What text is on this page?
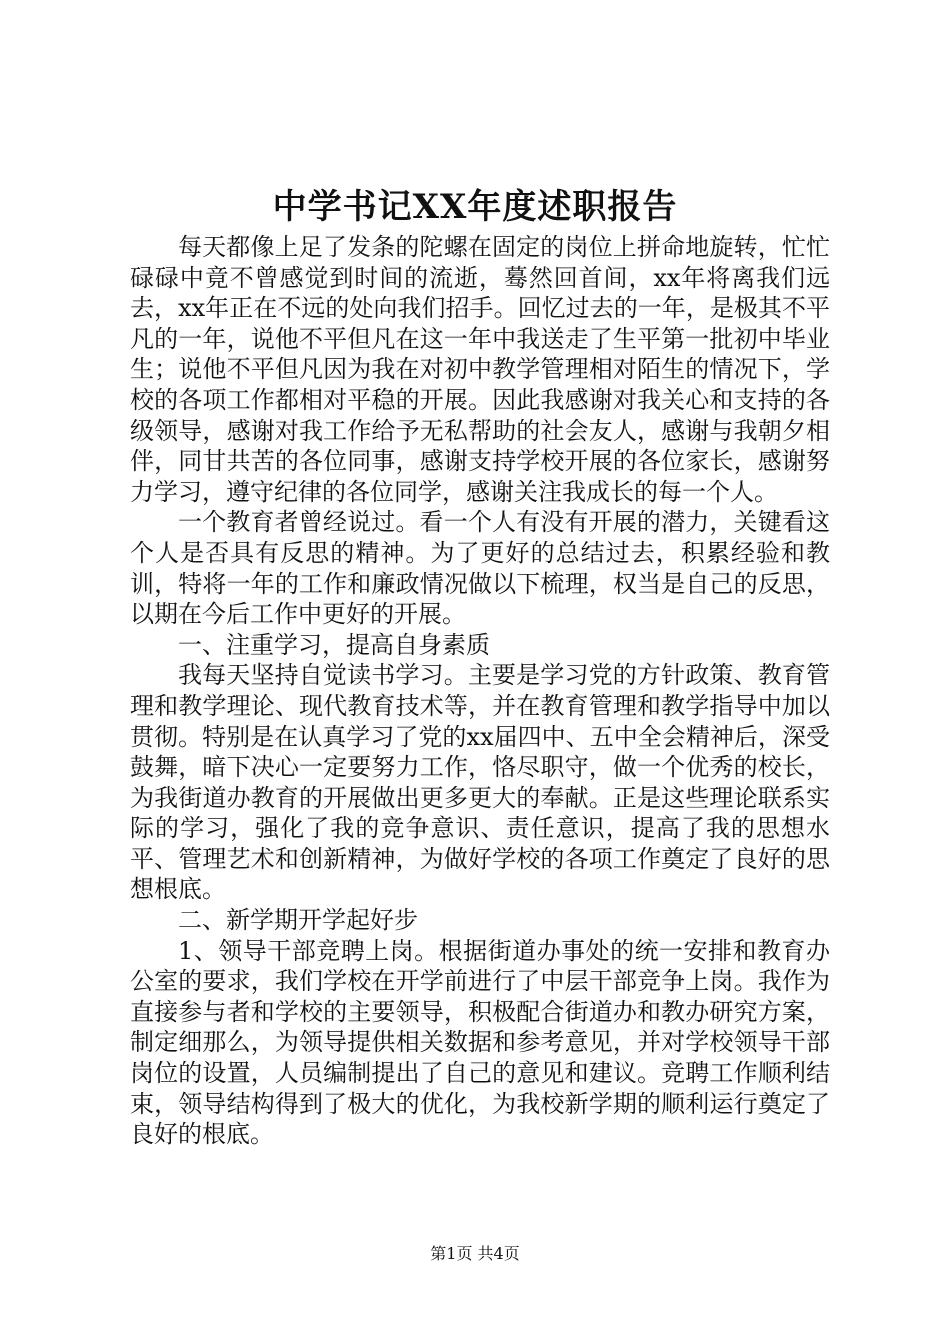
中学书记XX年度述职报告

每天都像上足了发条的陀螺在固定的岗位上拼命地旋转，忙忙碌碌中竟不曾感觉到时间的流逝，蓦然回首间，xx年将离我们远去，xx年正在不远的处向我们招手。回忆过去的一年，是极其不平凡的一年，说他不平但凡在这一年中我送走了生平第一批初中毕业生；说他不平但凡因为我在对初中教学管理相对陌生的情况下，学校的各项工作都相对平稳的开展。因此我感谢对我关心和支持的各级领导，感谢对我工作给予无私帮助的社会友人，感谢与我朝夕相伴，同甘共苦的各位同事，感谢支持学校开展的各位家长，感谢努力学习，遵守纪律的各位同学，感谢关注我成长的每一个人。

一个教育者曾经说过。看一个人有没有开展的潜力，关键看这个人是否具有反思的精神。为了更好的总结过去，积累经验和教训，特将一年的工作和廉政情况做以下梳理，权当是自己的反思，以期在今后工作中更好的开展。

一、注重学习，提高自身素质

我每天坚持自觉读书学习。主要是学习党的方针政策、教育管理和教学理论、现代教育技术等，并在教育管理和教学指导中加以贯彻。特别是在认真学习了党的xx届四中、五中全会精神后，深受鼓舞，暗下决心一定要努力工作，恪尽职守，做一个优秀的校长，为我街道办教育的开展做出更多更大的奉献。正是这些理论联系实际的学习，强化了我的竞争意识、责任意识，提高了我的思想水平、管理艺术和创新精神，为做好学校的各项工作奠定了良好的思想根底。

二、新学期开学起好步

1、领导干部竞聘上岗。根据街道办事处的统一安排和教育办公室的要求，我们学校在开学前进行了中层干部竞争上岗。我作为直接参与者和学校的主要领导，积极配合街道办和教办研究方案，制定细那么，为领导提供相关数据和参考意见，并对学校领导干部岗位的设置，人员编制提出了自己的意见和建议。竞聘工作顺利结束，领导结构得到了极大的优化，为我校新学期的顺利运行奠定了良好的根底。

第1页 共4页
